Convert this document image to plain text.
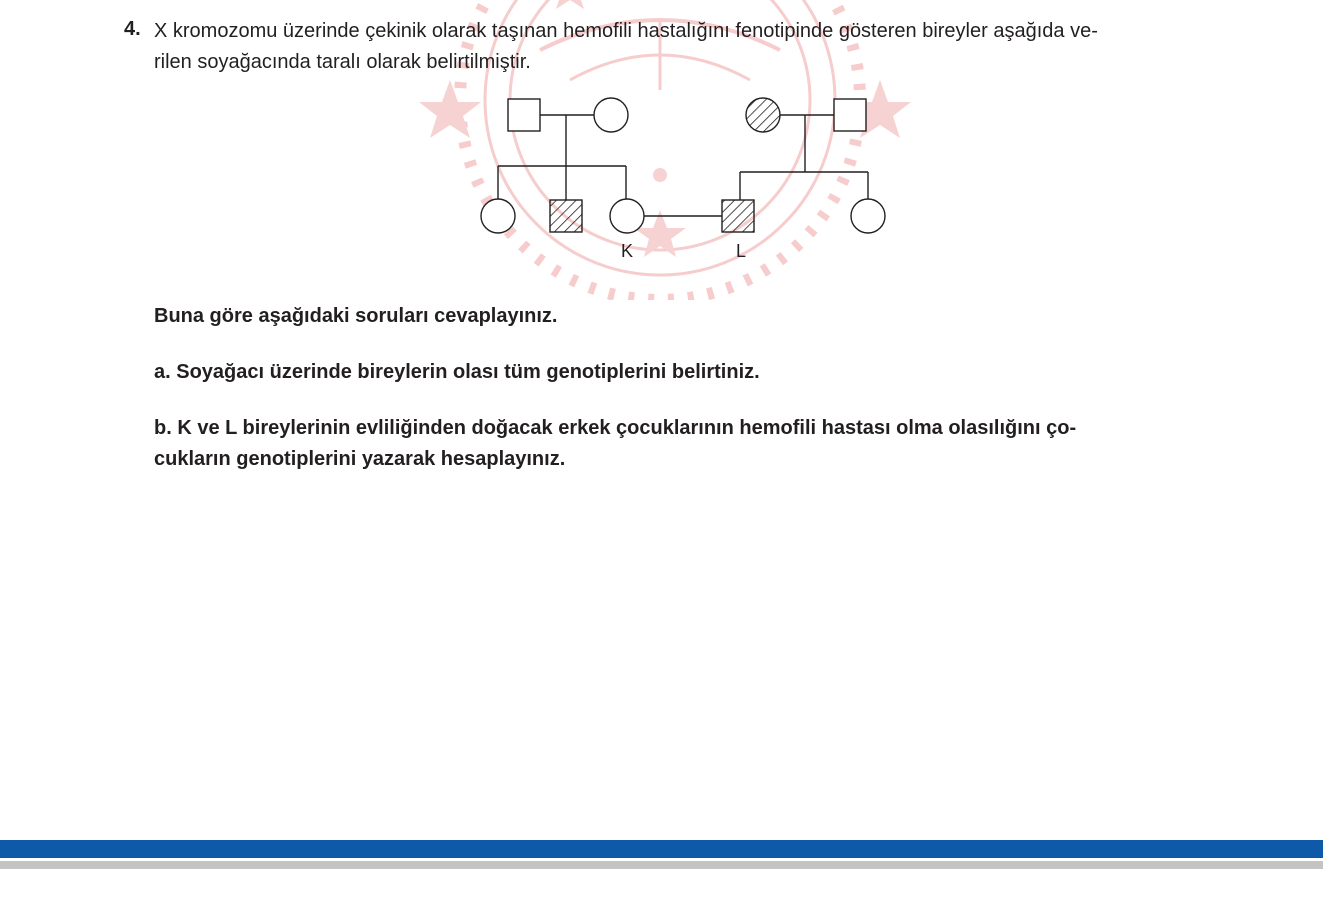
4. X kromozomu üzerinde çekinik olarak taşınan hemofili hastalığını fenotipinde gösteren bireyler aşağıda ve-
rilen soyağacında taralı olarak belirtilmiştir.
K	L
Buna göre aşağıdaki soruları cevaplayınız.
a. Soyağacı üzerinde bireylerin olası tüm genotiplerini belirtiniz.
b. K ve L bireylerinin evliliğinden doğacak erkek çocuklarının hemofili hastası olma olasılığını ço-
cukların genotiplerini yazarak hesaplayınız.
